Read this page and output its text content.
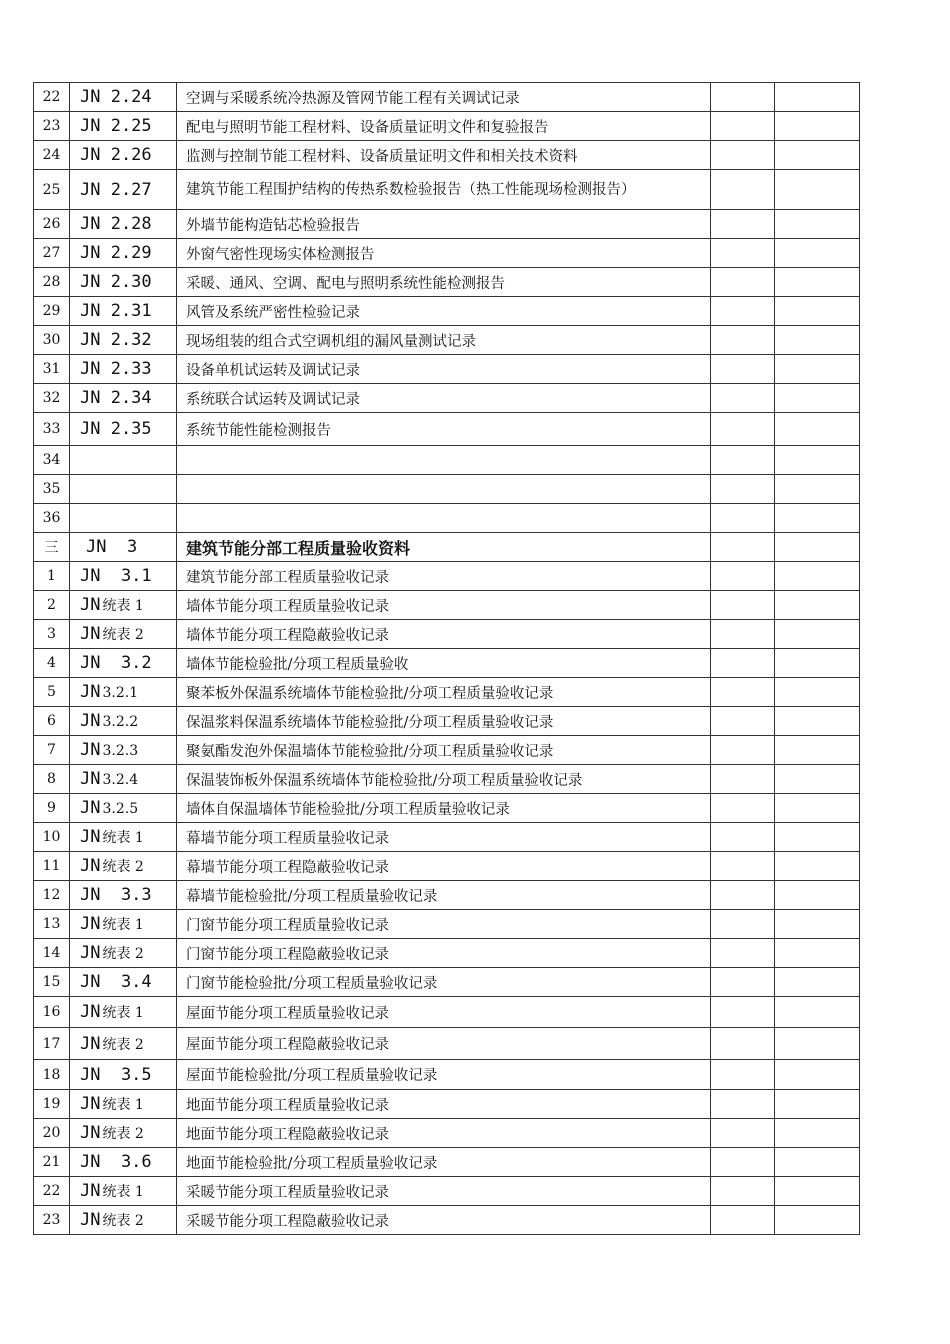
22	JN 2.24	空调与采暖系统冷热源及管网节能工程有关调试记录		
23	JN 2.25	配电与照明节能工程材料、设备质量证明文件和复验报告		
24	JN 2.26	监测与控制节能工程材料、设备质量证明文件和相关技术资料		
25	JN 2.27	建筑节能工程围护结构的传热系数检验报告（热工性能现场检测报告）		
26	JN 2.28	外墙节能构造钻芯检验报告		
27	JN 2.29	外窗气密性现场实体检测报告		
28	JN 2.30	采暖、通风、空调、配电与照明系统性能检测报告		
29	JN 2.31	风管及系统严密性检验记录		
30	JN 2.32	现场组装的组合式空调机组的漏风量测试记录		
31	JN 2.33	设备单机试运转及调试记录		
32	JN 2.34	系统联合试运转及调试记录		
33	JN 2.35	系统节能性能检测报告		
34				
35				
36				
三	JN  3	建筑节能分部工程质量验收资料		
1	JN  3.1	建筑节能分部工程质量验收记录		
2	JN 统表 1	墙体节能分项工程质量验收记录		
3	JN 统表 2	墙体节能分项工程隐蔽验收记录		
4	JN  3.2	墙体节能检验批/分项工程质量验收		
5	JN 3.2.1	聚苯板外保温系统墙体节能检验批/分项工程质量验收记录		
6	JN 3.2.2	保温浆料保温系统墙体节能检验批/分项工程质量验收记录		
7	JN 3.2.3	聚氨酯发泡外保温墙体节能检验批/分项工程质量验收记录		
8	JN 3.2.4	保温装饰板外保温系统墙体节能检验批/分项工程质量验收记录		
9	JN 3.2.5	墙体自保温墙体节能检验批/分项工程质量验收记录		
10	JN 统表 1	幕墙节能分项工程质量验收记录		
11	JN 统表 2	幕墙节能分项工程隐蔽验收记录		
12	JN  3.3	幕墙节能检验批/分项工程质量验收记录		
13	JN 统表 1	门窗节能分项工程质量验收记录		
14	JN 统表 2	门窗节能分项工程隐蔽验收记录		
15	JN  3.4	门窗节能检验批/分项工程质量验收记录		
16	JN 统表 1	屋面节能分项工程质量验收记录		
17	JN 统表 2	屋面节能分项工程隐蔽验收记录		
18	JN  3.5	屋面节能检验批/分项工程质量验收记录		
19	JN 统表 1	地面节能分项工程质量验收记录		
20	JN 统表 2	地面节能分项工程隐蔽验收记录		
21	JN  3.6	地面节能检验批/分项工程质量验收记录		
22	JN 统表 1	采暖节能分项工程质量验收记录		
23	JN 统表 2	采暖节能分项工程隐蔽验收记录		
